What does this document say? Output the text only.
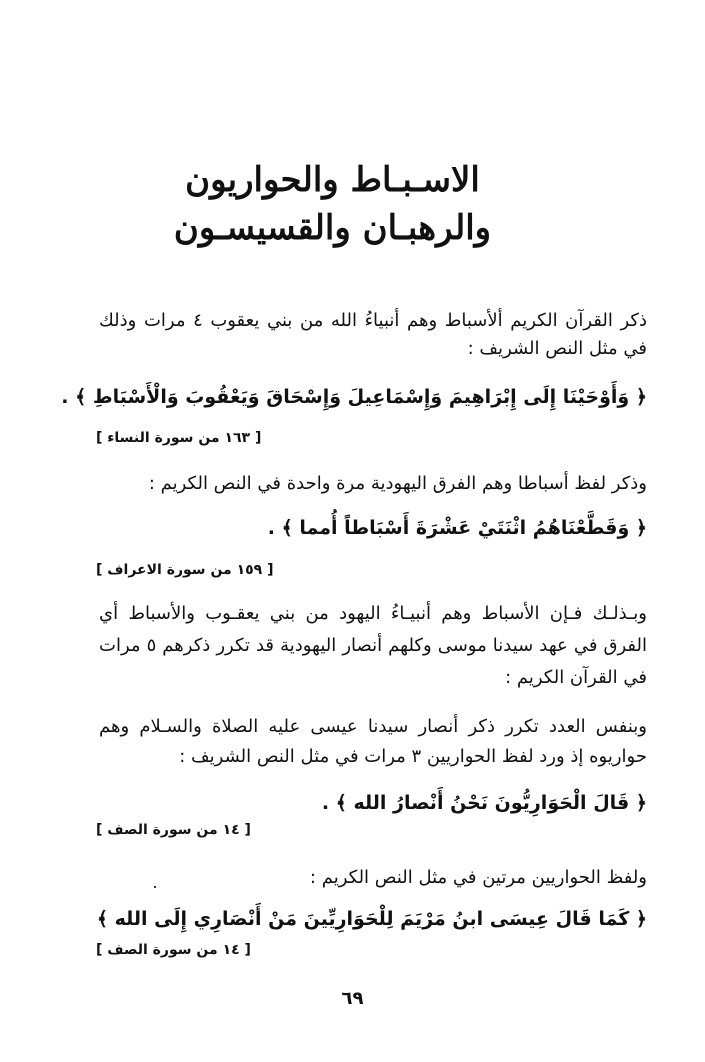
الاسـبـاط والحواريون
والرهبـان والقسيسـون
ذكر القرآن الكريم ألأسباط وهم أنبياءُ الله من بني يعقوب ٤ مرات وذلك في مثل النص الشريف :
﴿ وَأَوْحَيْنَا إِلَى إِبْرَاهِيمَ وَإِسْمَاعِيلَ وَإِسْحَاقَ وَيَعْقُوبَ وَالْأَسْبَاطِ ﴾ .
[ ١٦٣ من سورة النساء ]
وذكر لفظ أسباطا وهم الفرق اليهودية مرة واحدة في النص الكريم :
﴿ وَقَطَّعْنَاهُمُ اثْنَتَيْ عَشْرَةَ أَسْبَاطاً أُمما ﴾ .
[ ١٥٩ من سورة الاعراف ]
وبـذلـك فـإن الأسباط وهم أنبيـاءُ اليهود من بني يعقـوب والأسباط أي الفرق في عهد سيدنا موسى وكلهم أنصار اليهودية قد تكرر ذكرهم ٥ مرات في القرآن الكريم :
وبنفس العدد تكرر ذكر أنصار سيدنا عيسى عليه الصلاة والسـلام وهم حواريوه إذ ورد لفظ الحواريين ٣ مرات في مثل النص الشريف :
﴿ قَالَ الْحَوَارِيُّونَ نَحْنُ أَنْصارُ الله ﴾ .
[ ١٤ من سورة الصف ]
ولفظ الحواريين مرتين في مثل النص الكريم :
﴿ كَمَا قَالَ عِيسَى ابنُ مَرْيَمَ لِلْحَوَارِيِّينَ مَنْ أَنْصَارِي إِلَى الله ﴾
[ ١٤ من سورة الصف ]
٦٩
